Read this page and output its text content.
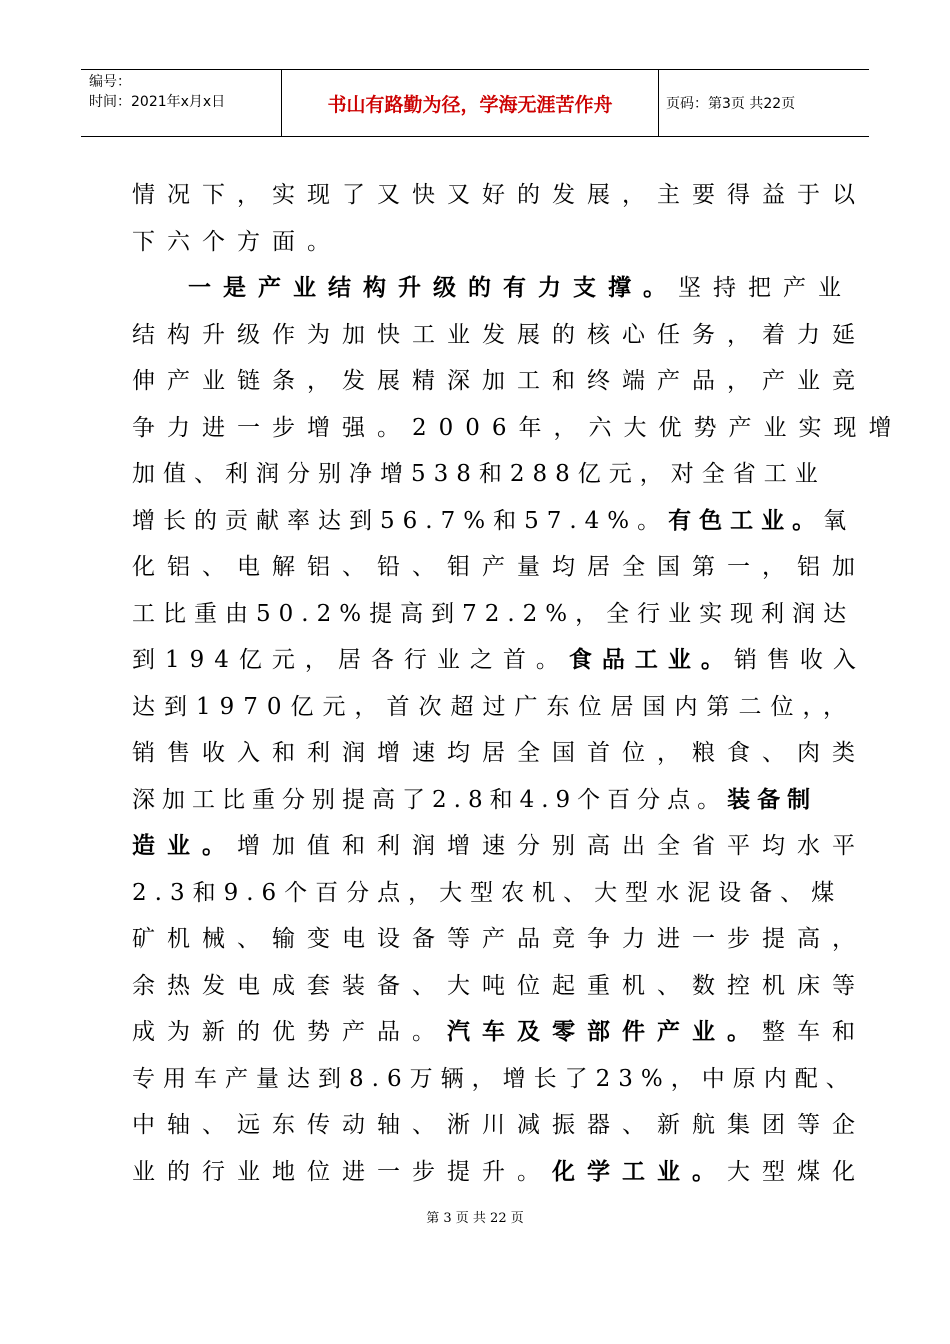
编号：
时间：2021年x月x日	书山有路勤为径，学海无涯苦作舟	页码：第3页 共22页
情况下，实现了又快又好的发展，主要得益于以
下六个方面。
一是产业结构升级的有力支撑。坚持把产业
结构升级作为加快工业发展的核心任务，着力延
伸产业链条，发展精深加工和终端产品，产业竞
争力进一步增强。2006年，六大优势产业实现增
加值、利润分别净增538和288亿元，对全省工业
增长的贡献率达到56.7%和57.4%。有色工业。氧
化铝、电解铝、铅、钼产量均居全国第一，铝加
工比重由50.2%提高到72.2%，全行业实现利润达
到194亿元，居各行业之首。食品工业。销售收入
达到1970亿元，首次超过广东位居国内第二位，，
销售收入和利润增速均居全国首位，粮食、肉类
深加工比重分别提高了2.8和4.9个百分点。装备制
造业。增加值和利润增速分别高出全省平均水平
2.3和9.6个百分点，大型农机、大型水泥设备、煤
矿机械、输变电设备等产品竞争力进一步提高，
余热发电成套装备、大吨位起重机、数控机床等
成为新的优势产品。汽车及零部件产业。整车和
专用车产量达到8.6万辆，增长了23%，中原内配、
中轴、远东传动轴、淅川减振器、新航集团等企
业的行业地位进一步提升。化学工业。大型煤化
第 3 页 共 22 页
